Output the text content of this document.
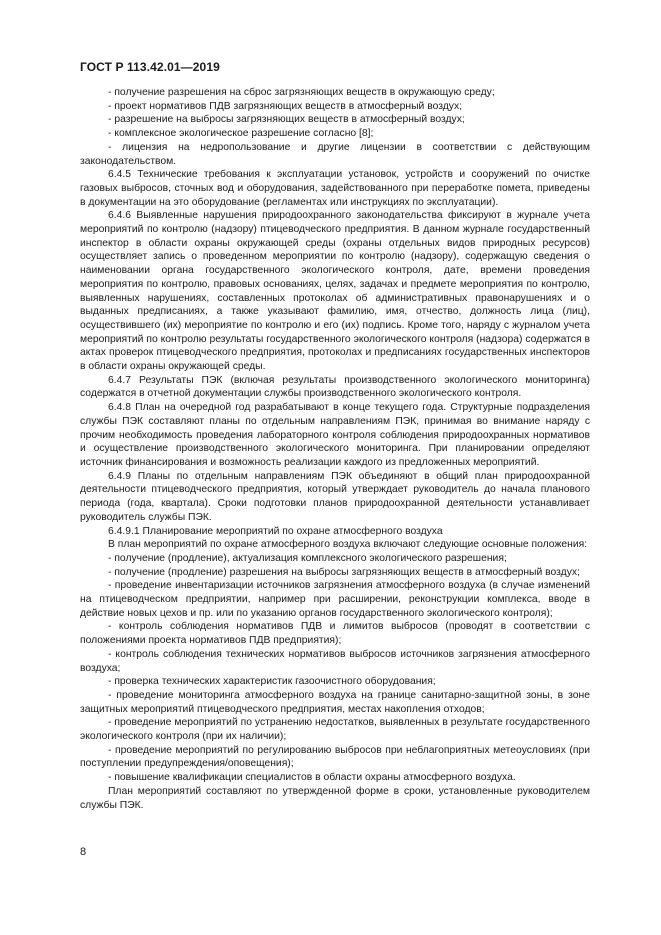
ГОСТ Р 113.42.01—2019

- получение разрешения на сброс загрязняющих веществ в окружающую среду;

- проект нормативов ПДВ загрязняющих веществ в атмосферный воздух;

- разрешение на выбросы загрязняющих веществ в атмосферный воздух;

- комплексное экологическое разрешение согласно [8];

- лицензия на недропользование и другие лицензии в соответствии с действующим законодательством.

6.4.5 Технические требования к эксплуатации установок, устройств и сооружений по очистке газовых выбросов, сточных вод и оборудования, задействованного при переработке помета, приведены в документации на это оборудование (регламентах или инструкциях по эксплуатации).

6.4.6 Выявленные нарушения природоохранного законодательства фиксируют в журнале учета мероприятий по контролю (надзору) птицеводческого предприятия. В данном журнале государственный инспектор в области охраны окружающей среды (охраны отдельных видов природных ресурсов) осуществляет запись о проведенном мероприятии по контролю (надзору), содержащую сведения о наименовании органа государственного экологического контроля, дате, времени проведения мероприятия по контролю, правовых основаниях, целях, задачах и предмете мероприятия по контролю, выявленных нарушениях, составленных протоколах об административных правонарушениях и о выданных предписаниях, а также указывают фамилию, имя, отчество, должность лица (лиц), осуществившего (их) мероприятие по контролю и его (их) подпись. Кроме того, наряду с журналом учета мероприятий по контролю результаты государственного экологического контроля (надзора) содержатся в актах проверок птицеводческого предприятия, протоколах и предписаниях государственных инспекторов в области охраны окружающей среды.

6.4.7 Результаты ПЭК (включая результаты производственного экологического мониторинга) содержатся в отчетной документации службы производственного экологического контроля.

6.4.8 План на очередной год разрабатывают в конце текущего года. Структурные подразделения службы ПЭК составляют планы по отдельным направлениям ПЭК, принимая во внимание наряду с прочим необходимость проведения лабораторного контроля соблюдения природоохранных нормативов и осуществление производственного экологического мониторинга. При планировании определяют источник финансирования и возможность реализации каждого из предложенных мероприятий.

6.4.9 Планы по отдельным направлениям ПЭК объединяют в общий план природоохранной деятельности птицеводческого предприятия, который утверждает руководитель до начала планового периода (года, квартала). Сроки подготовки планов природоохранной деятельности устанавливает руководитель службы ПЭК.

6.4.9.1 Планирование мероприятий по охране атмосферного воздуха

В план мероприятий по охране атмосферного воздуха включают следующие основные положения:

- получение (продление), актуализация комплексного экологического разрешения;

- получение (продление) разрешения на выбросы загрязняющих веществ в атмосферный воздух;

- проведение инвентаризации источников загрязнения атмосферного воздуха (в случае изменений на птицеводческом предприятии, например при расширении, реконструкции комплекса, вводе в действие новых цехов и пр. или по указанию органов государственного экологического контроля);

- контроль соблюдения нормативов ПДВ и лимитов выбросов (проводят в соответствии с положениями проекта нормативов ПДВ предприятия);

- контроль соблюдения технических нормативов выбросов источников загрязнения атмосферного воздуха;

- проверка технических характеристик газоочистного оборудования;

- проведение мониторинга атмосферного воздуха на границе санитарно-защитной зоны, в зоне защитных мероприятий птицеводческого предприятия, местах накопления отходов;

- проведение мероприятий по устранению недостатков, выявленных в результате государственного экологического контроля (при их наличии);

- проведение мероприятий по регулированию выбросов при неблагоприятных метеоусловиях (при поступлении предупреждения/оповещения);

- повышение квалификации специалистов в области охраны атмосферного воздуха.

План мероприятий составляют по утвержденной форме в сроки, установленные руководителем службы ПЭК.

8
